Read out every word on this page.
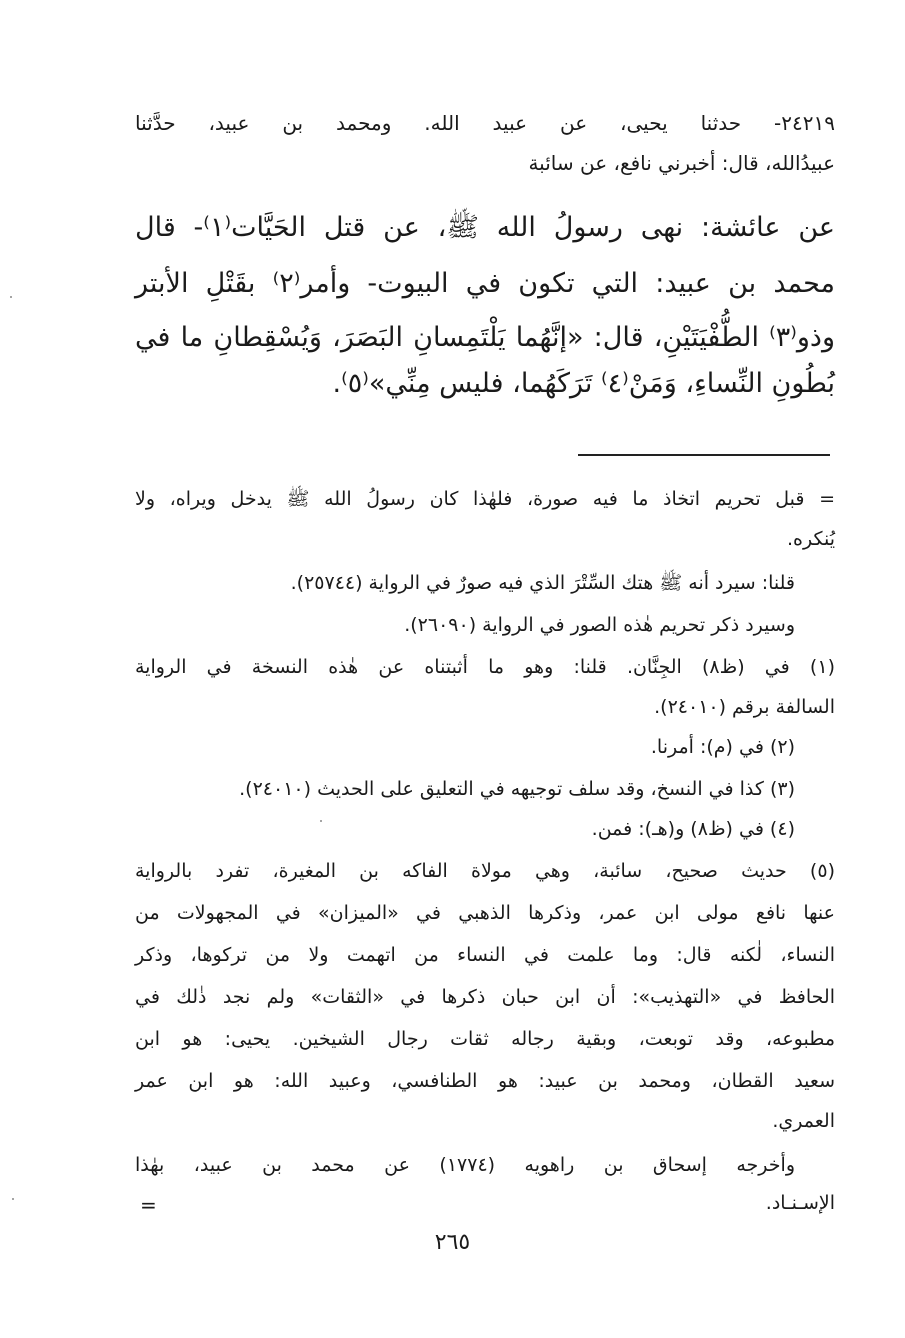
٢٤٢١٩- حدثنا يحيى، عن عبيد الله. ومحمد بن عبيد، حدَّثنا
عبيدُالله، قال: أخبرني نافع، عن سائبة
عن عائشة: نهى رسولُ الله ﷺ، عن قتل الحَيَّات⁽١⁾- قال
محمد بن عبيد: التي تكون في البيوت- وأمر⁽٢⁾ بقَتْلِ الأبتر
وذو⁽٣⁾ الطُّفْيَتَيْنِ، قال: «إنَّهُما يَلْتَمِسانِ البَصَرَ، وَيُسْقِطانِ ما في
بُطُونِ النِّساءِ، وَمَنْ⁽٤⁾ تَرَكَهُما، فليس مِنِّي»⁽٥⁾.
= قبل تحريم اتخاذ ما فيه صورة، فلهٰذا كان رسولُ الله ﷺ يدخل ويراه، ولا
يُنكره.
قلنا: سيرد أنه ﷺ هتك السِّتْرَ الذي فيه صورٌ في الرواية (٢٥٧٤٤).
وسيرد ذكر تحريم هٰذه الصور في الرواية (٢٦٠٩٠).
(١) في (ظ٨) الجِنَّان. قلنا: وهو ما أثبتناه عن هٰذه النسخة في الرواية
السالفة برقم (٢٤٠١٠).
(٢) في (م): أمرنا.
(٣) كذا في النسخ، وقد سلف توجيهه في التعليق على الحديث (٢٤٠١٠).
(٤) في (ظ٨) و(هـ): فمن.
(٥) حديث صحيح، سائبة، وهي مولاة الفاكه بن المغيرة، تفرد بالرواية
عنها نافع مولى ابن عمر، وذكرها الذهبي في «الميزان» في المجهولات من
النساء، لٰكنه قال: وما علمت في النساء من اتهمت ولا من تركوها، وذكر
الحافظ في «التهذيب»: أن ابن حبان ذكرها في «الثقات» ولم نجد ذٰلك في
مطبوعه، وقد توبعت، وبقية رجاله ثقات رجال الشيخين. يحيى: هو ابن
سعيد القطان، ومحمد بن عبيد: هو الطنافسي، وعبيد الله: هو ابن عمر
العمري.
وأخرجه إسحاق بن راهويه (١٧٧٤) عن محمد بن عبيد، بهٰذا
الإسـنـاد.
=
٢٦٥
